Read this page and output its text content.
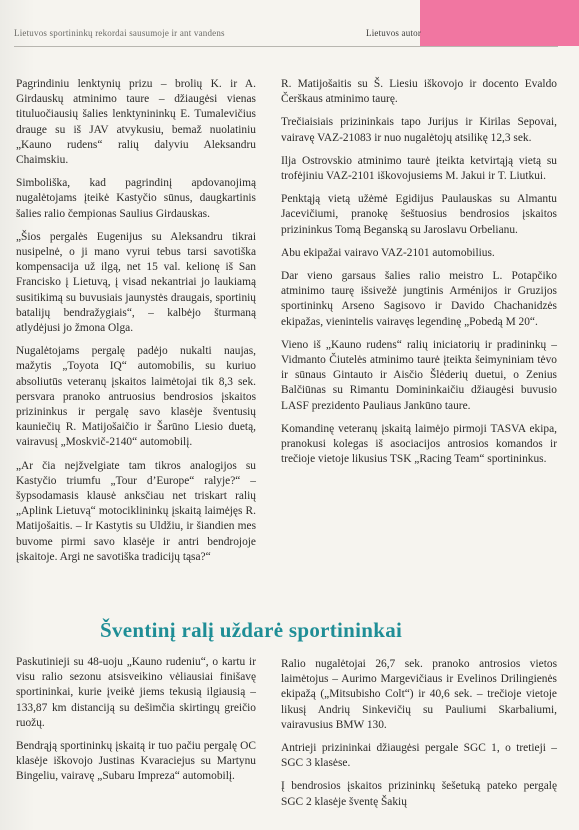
Lietuvos sportininkų rekordai sausumoje ir ant vandens	Lietuvos autor

Pagrindiniu lenktynių prizu – brolių K. ir A. Girdauskų atminimo taure – džiaugėsi vienas tituluočiausių šalies lenktynininkų E. Tumalevičius drauge su iš JAV atvykusiu, bemaž nuolatiniu „Kauno rudens“ ralių dalyviu Aleksandru Chaimskiu.

Simboliška, kad pagrindinį apdovanojimą nugalėtojams įteikė Kastyčio sūnus, daugkartinis šalies ralio čempionas Saulius Girdauskas.

„Šios pergalės Eugenijus su Aleksandru tikrai nusipelnė, o ji mano vyrui tebus tarsi savotiška kompensacija už ilgą, net 15 val. kelionę iš San Francisko į Lietuvą, į visad nekantriai jo laukiamą susitikimą su buvusiais jaunystės draugais, sportinių batalijų bendražygiais“, – kalbėjo šturmaną atlydėjusi jo žmona Olga.

Nugalėtojams pergalę padėjo nukalti naujas, mažytis „Toyota IQ“ automobilis, su kuriuo absoliutūs veteranų įskaitos laimėtojai tik 8,3 sek. persvara pranoko antruosius bendrosios įskaitos prizininkus ir pergalę savo klasėje šventusių kauniečių R. Matijošaičio ir Šarūno Liesio duetą, vairavusį „Moskvič-2140“ automobilį.

„Ar čia nejžvelgiate tam tikros analogijos su Kastyčio triumfu „Tour d’Europe“ ralyje?“ – šypsodamasis klausė anksčiau net triskart ralių „Aplink Lietuvą“ motociklininkų įskaitą laimėjęs R. Matijošaitis. – Ir Kastytis su Uldžiu, ir šiandien mes buvome pirmi savo klasėje ir antri bendrojoje įskaitoje. Argi ne savotiška tradicijų tąsa?“

R. Matijošaitis su Š. Liesiu iškovojo ir docento Evaldo Čerškaus atminimo taurę.

Trečiaisiais prizininkais tapo Jurijus ir Kirilas Sepovai, vairavę VAZ-21083 ir nuo nugalėtojų atsilikę 12,3 sek.

Ilja Ostrovskio atminimo taurė įteikta ketvirtąją vietą su trofėjiniu VAZ-2101 iškovojusiems M. Jakui ir T. Liutkui.

Penktąją vietą užėmė Egidijus Paulauskas su Almantu Jacevičiumi, pranokę šeštuosius bendrosios įskaitos prizininkus Tomą Beganską su Jaroslavu Orbelianu.

Abu ekipažai vairavo VAZ-2101 automobilius.

Dar vieno garsaus šalies ralio meistro L. Potapčiko atminimo taurę išsivežė jungtinis Arménijos ir Gruzijos sportininkų Arseno Sagisovo ir Davido Chachanidzės ekipažas, vienintelis vairavęs legendinę „Pobedą M 20“.

Vieno iš „Kauno rudens“ ralių iniciatorių ir pradininkų – Vidmanto Čiutelės atminimo taurė įteikta šeimyniniam tėvo ir sūnaus Gintauto ir Aisčio Šlėderių duetui, o Zenius Balčiūnas su Rimantu Domininkaičiu džiaugėsi buvusio LASF prezidento Pauliaus Jankūno taure.

Komandinę veteranų įskaitą laimėjo pirmoji TASVA ekipa, pranokusi kolegas iš asociacijos antrosios komandos ir trečioje vietoje likusius TSK „Racing Team“ sportininkus.

Šventinį ralį uždarė sportininkai

Paskutinieji su 48-uoju „Kauno rudeniu“, o kartu ir visu ralio sezonu atsisveikino vėliausiai finišavę sportininkai, kurie įveikė jiems tekusią ilgiausią – 133,87 km distanciją su dešimčia skirtingų greičio ruožų.

Bendrąją sportininkų įskaitą ir tuo pačiu pergalę OC klasėje iškovojo Justinas Kvaraciejus su Martynu Bingeliu, vairavę „Subaru Impreza“ automobilį.

Ralio nugalėtojai 26,7 sek. pranoko antrosios vietos laimėtojus – Aurimo Margevičiaus ir Evelinos Drilingienės ekipažą („Mitsubisho Colt“) ir 40,6 sek. – trečioje vietoje likusį Andrių Sinkevičių su Pauliumi Skarbaliumi, vairavusius BMW 130.

Antrieji prizininkai džiaugėsi pergale SGC 1, o tretieji – SGC 3 klasėse.

Į bendrosios įskaitos prizininkų šešetuką pateko pergalę SGC 2 klasėje šventę Šakių
